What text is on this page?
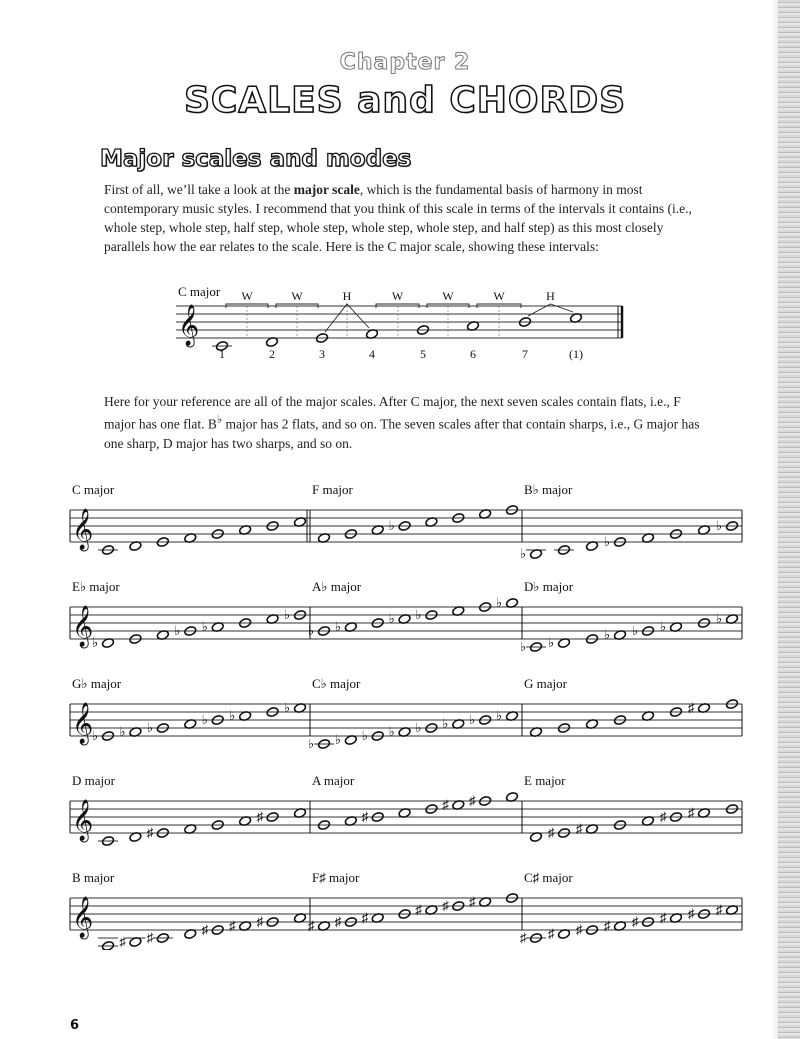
Chapter 2
SCALES and CHORDS
Major scales and modes
First of all, we’ll take a look at the major scale, which is the fundamental basis of harmony in most contemporary music styles. I recommend that you think of this scale in terms of the intervals it contains (i.e., whole step, whole step, half step, whole step, whole step, whole step, and half step) as this most closely parallels how the ear relates to the scale. Here is the C major scale, showing these intervals:
𝄞
C major W	W	H	W	W	W	H
1	2	3	4	5	6	7	(1)
Here for your reference are all of the major scales. After C major, the next seven scales contain flats, i.e., F major has one flat. B♭ major has 2 flats, and so on. The seven scales after that contain sharps, i.e., G major has one sharp, D major has two sharps, and so on.
𝄞
C major	F major
♭
B♭ major
♭
♭
♭
𝄞
E♭ major
♭
♭ ♭
♭
A♭ major
♭ ♭
♭ ♭
♭
D♭ major
♭ ♭
♭ ♭ ♭
♭
𝄞
G♭ major
♭ ♭ ♭
♭ ♭
♭
C♭ major
♭ ♭ ♭ ♭ ♭ ♭ ♭ ♭
G major
♯
𝄞
D major
♯
♯
A major
♯
♯ ♯
E major
♯ ♯
♯ ♯
𝄞
B major
♯ ♯
♯ ♯ ♯
F♯ major
♯ ♯ ♯
♯ ♯ ♯
C♯ major
♯ ♯ ♯ ♯ ♯ ♯ ♯ ♯
6
